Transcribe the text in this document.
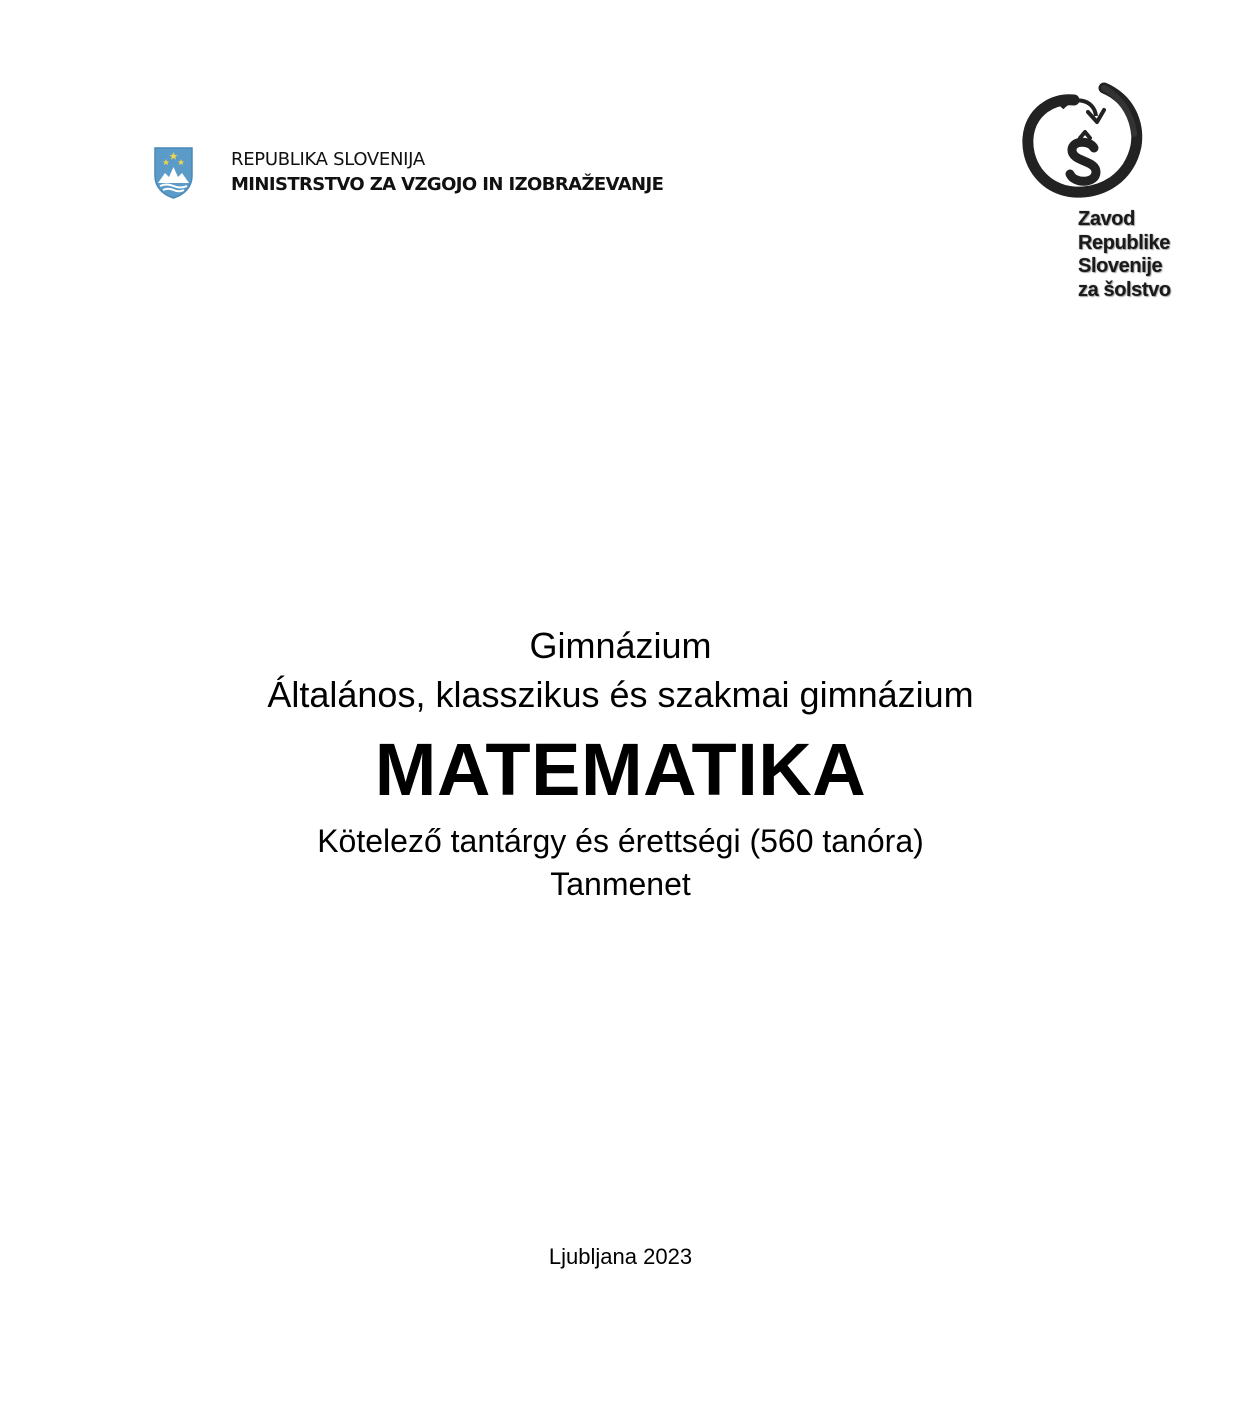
REPUBLIKA SLOVENIJA
MINISTRSTVO ZA VZGOJO IN IZOBRAŽEVANJE
Zavod
Republike
Slovenije
za šolstvo
Gimnázium
Általános, klasszikus és szakmai gimnázium
MATEMATIKA
Kötelező tantárgy és érettségi (560 tanóra)
Tanmenet
Ljubljana 2023
